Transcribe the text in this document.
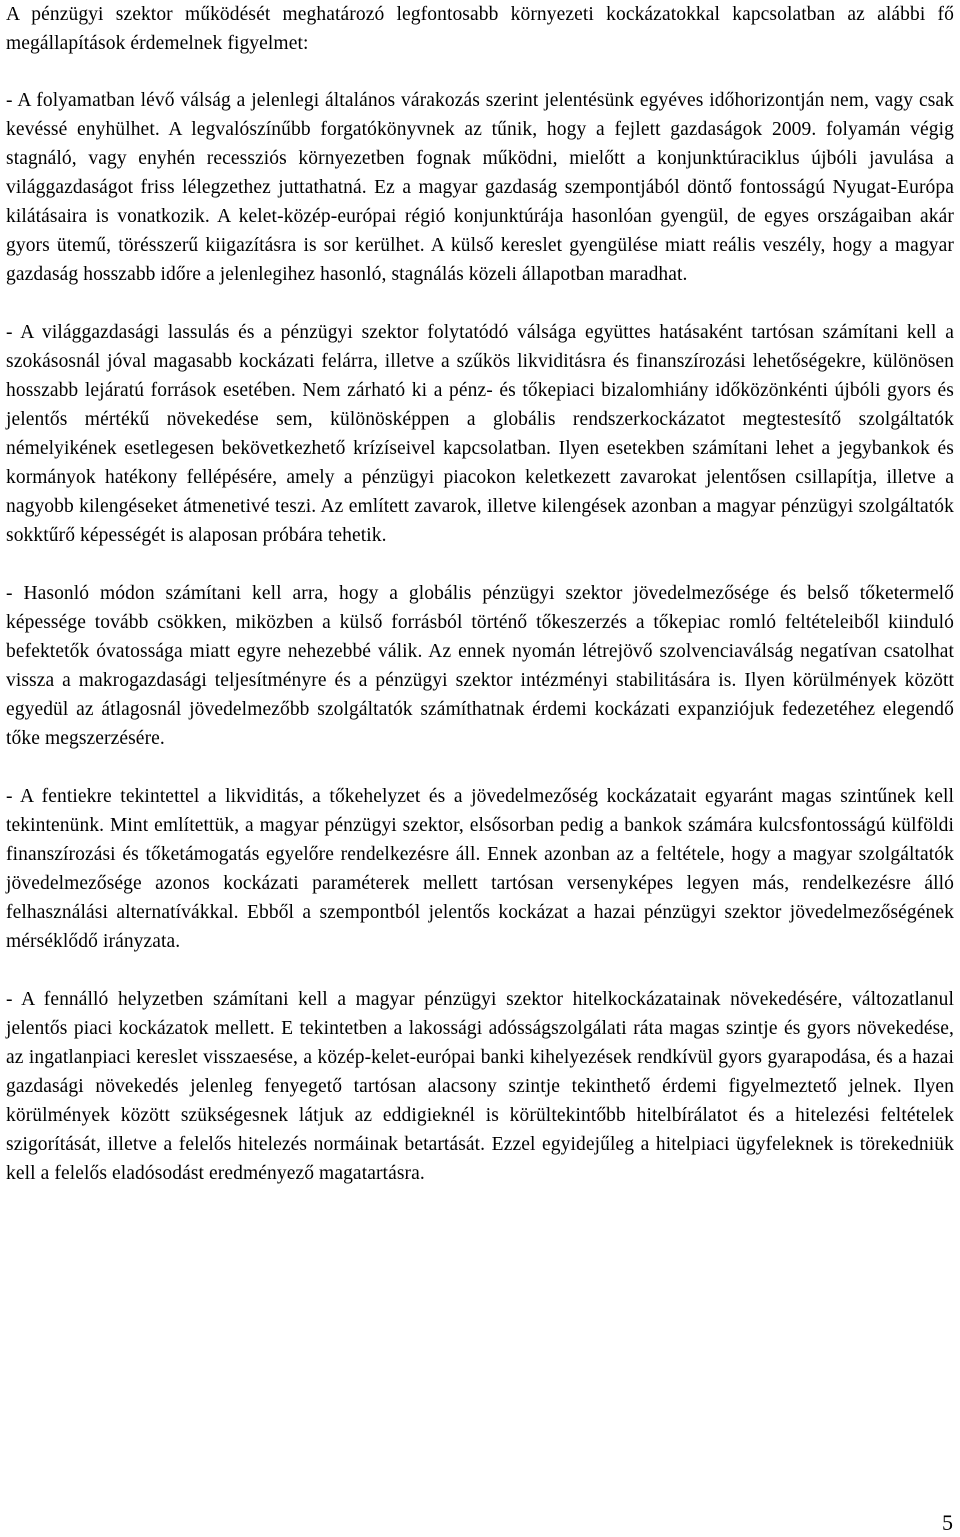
A pénzügyi szektor működését meghatározó legfontosabb környezeti kockázatokkal kapcsolatban az alábbi fő megállapítások érdemelnek figyelmet:

- A folyamatban lévő válság a jelenlegi általános várakozás szerint jelentésünk egyéves időhorizontján nem, vagy csak kevéssé enyhülhet. A legvalószínűbb forgatókönyvnek az tűnik, hogy a fejlett gazdaságok 2009. folyamán végig stagnáló, vagy enyhén recessziós környezetben fognak működni, mielőtt a konjunktúraciklus újbóli javulása a világgazdaságot friss lélegzethez juttathatná. Ez a magyar gazdaság szempontjából döntő fontosságú Nyugat-Európa kilátásaira is vonatkozik. A kelet-közép-európai régió konjunktúrája hasonlóan gyengül, de egyes országaiban akár gyors ütemű, törésszerű kiigazításra is sor kerülhet. A külső kereslet gyengülése miatt reális veszély, hogy a magyar gazdaság hosszabb időre a jelenlegihez hasonló, stagnálás közeli állapotban maradhat.

- A világgazdasági lassulás és a pénzügyi szektor folytatódó válsága együttes hatásaként tartósan számítani kell a szokásosnál jóval magasabb kockázati felárra, illetve a szűkös likviditásra és finanszírozási lehetőségekre, különösen hosszabb lejáratú források esetében. Nem zárható ki a pénz- és tőkepiaci bizalomhiány időközönkénti újbóli gyors és jelentős mértékű növekedése sem, különösképpen a globális rendszerkockázatot megtestesítő szolgáltatók némelyikének esetlegesen bekövetkezhető krízíseivel kapcsolatban. Ilyen esetekben számítani lehet a jegybankok és kormányok hatékony fellépésére, amely a pénzügyi piacokon keletkezett zavarokat jelentősen csillapítja, illetve a nagyobb kilengéseket átmenetivé teszi. Az említett zavarok, illetve kilengések azonban a magyar pénzügyi szolgáltatók sokktűrő képességét is alaposan próbára tehetik.

- Hasonló módon számítani kell arra, hogy a globális pénzügyi szektor jövedelmezősége és belső tőketermelő képessége tovább csökken, miközben a külső forrásból történő tőkeszerzés a tőkepiac romló feltételeiből kiinduló befektetők óvatossága miatt egyre nehezebbé válik. Az ennek nyomán létrejövő szolvenciaválság negatívan csatolhat vissza a makrogazdasági teljesítményre és a pénzügyi szektor intézményi stabilitására is. Ilyen körülmények között egyedül az átlagosnál jövedelmezőbb szolgáltatók számíthatnak érdemi kockázati expanziójuk fedezetéhez elegendő tőke megszerzésére.

- A fentiekre tekintettel a likviditás, a tőkehelyzet és a jövedelmezőség kockázatait egyaránt magas szintűnek kell tekintenünk. Mint említettük, a magyar pénzügyi szektor, elsősorban pedig a bankok számára kulcsfontosságú külföldi finanszírozási és tőketámogatás egyelőre rendelkezésre áll. Ennek azonban az a feltétele, hogy a magyar szolgáltatók jövedelmezősége azonos kockázati paraméterek mellett tartósan versenyképes legyen más, rendelkezésre álló felhasználási alternatívákkal. Ebből a szempontból jelentős kockázat a hazai pénzügyi szektor jövedelmezőségének mérséklődő irányzata.

- A fennálló helyzetben számítani kell a magyar pénzügyi szektor hitelkockázatainak növekedésére, változatlanul jelentős piaci kockázatok mellett. E tekintetben a lakossági adósságszolgálati ráta magas szintje és gyors növekedése, az ingatlanpiaci kereslet visszaesése, a közép-kelet-európai banki kihelyezések rendkívül gyors gyarapodása, és a hazai gazdasági növekedés jelenleg fenyegető tartósan alacsony szintje tekinthető érdemi figyelmeztető jelnek. Ilyen körülmények között szükségesnek látjuk az eddigieknél is körültekintőbb hitelbírálatot és a hitelezési feltételek szigorítását, illetve a felelős hitelezés normáinak betartását. Ezzel egyidejűleg a hitelpiaci ügyfeleknek is törekedniük kell a felelős eladósodást eredményező magatartásra.

5
